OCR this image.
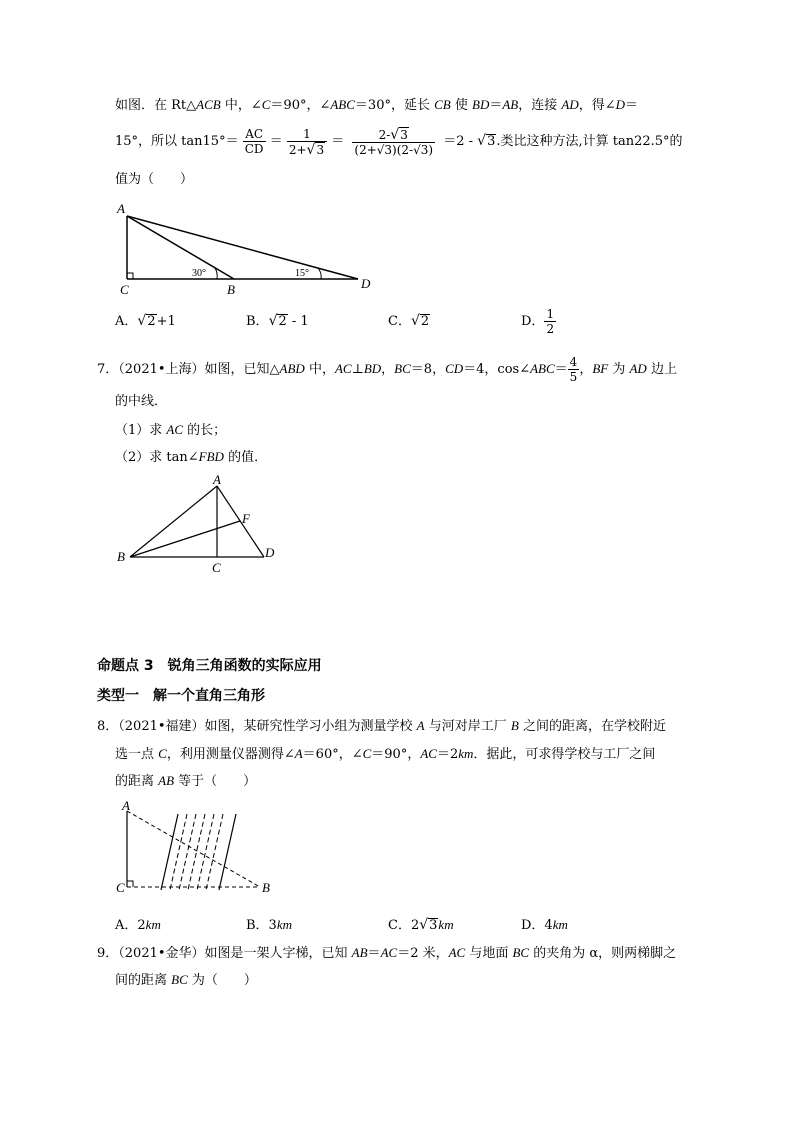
如图．在 Rt△ACB 中，∠C＝90°，∠ABC＝30°，延长 CB 使 BD＝AB，连接 AD，得∠D＝
15°，所以 $\tan 15^\circ= \frac{AC}{CD} = \frac{1}{2+√3} = \frac{2-√3}{(2+√3)(2-√3)} =2 - √3$.类比这种方法,计算 tan22.5°的
值为（　　）
A
C	B	D
30°	15°
A．√2+1	B．√2 - 1	C．√2	D． $\frac{1}{2}$
7．（2021•上海）如图，已知△ABD 中，AC⊥BD，BC＝8，CD＝4，cos∠ABC＝ $\frac{4}{5}$ ，BF 为 AD 边上
的中线．
（1）求 AC 的长；
（2）求 tan∠FBD 的值．
A
B
C
D
F
命题点 3　锐角三角函数的实际应用
类型一　解一个直角三角形
8．（2021•福建）如图，某研究性学习小组为测量学校 A 与河对岸工厂 B 之间的距离，在学校附近
选一点 C，利用测量仪器测得∠A＝60°，∠C＝90°，AC＝2km．据此，可求得学校与工厂之间
的距离 AB 等于（　　）
A
C	B
A．2km	B．3km	C．2√3km	D．4km
9．（2021•金华）如图是一架人字梯，已知 AB＝AC＝2 米，AC 与地面 BC 的夹角为 α，则两梯脚之
间的距离 BC 为（　　）
